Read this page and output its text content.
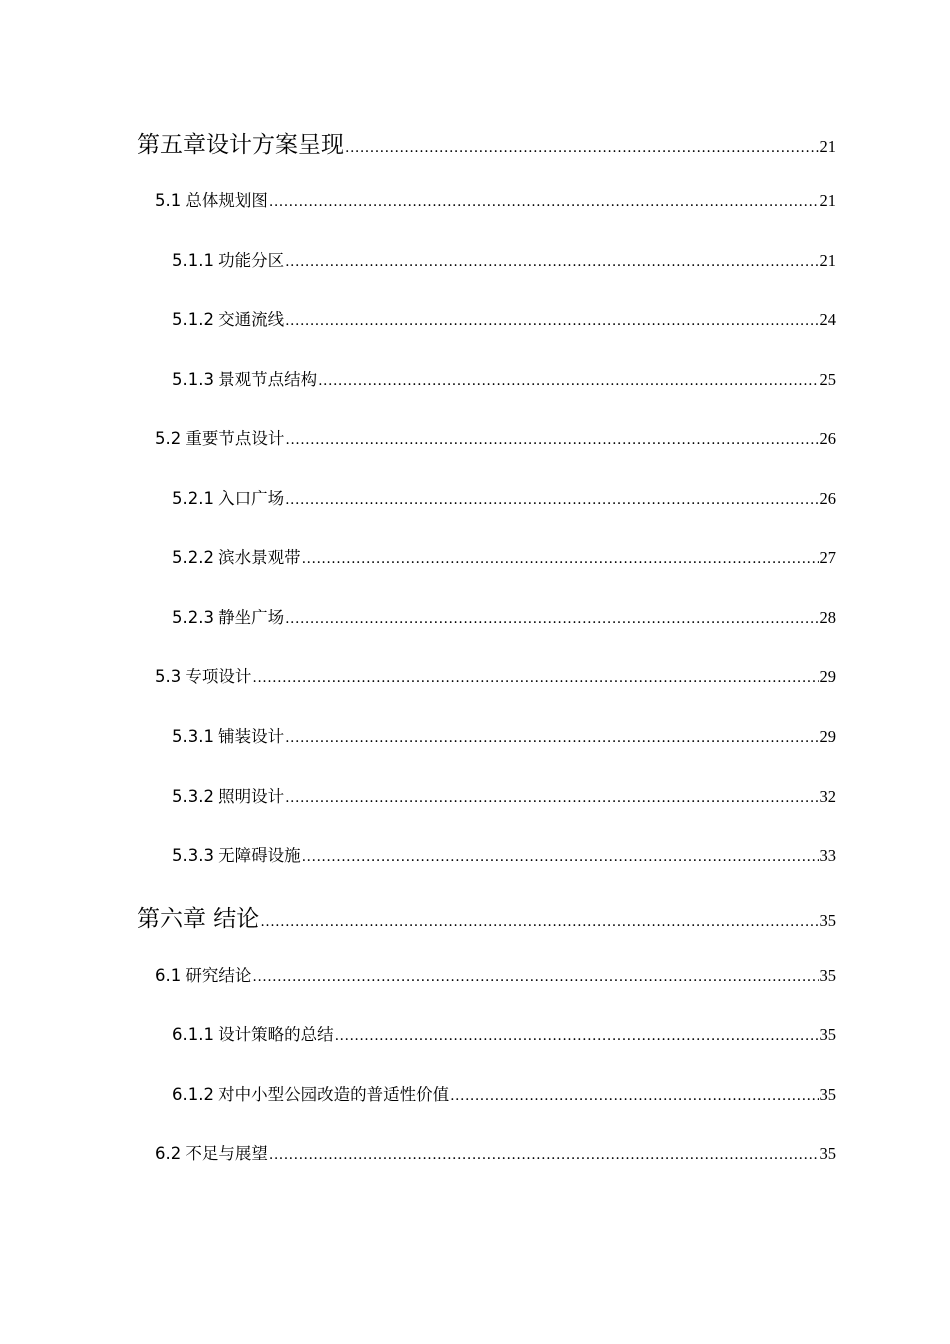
第五章设计方案呈现 .....	21
5.1 总体规划图 .....	21
5.1.1 功能分区 .....	21
5.1.2 交通流线 .....	24
5.1.3 景观节点结构 .....	25
5.2 重要节点设计 .....	26
5.2.1 入口广场 .....	26
5.2.2 滨水景观带 .....	27
5.2.3 静坐广场 .....	28
5.3 专项设计 .....	29
5.3.1 铺装设计 .....	29
5.3.2 照明设计 .....	32
5.3.3 无障碍设施 .....	33
第六章 结论 .....	35
6.1 研究结论 .....	35
6.1.1 设计策略的总结 .....	35
6.1.2 对中小型公园改造的普适性价值 .....	35
6.2 不足与展望 .....	35
